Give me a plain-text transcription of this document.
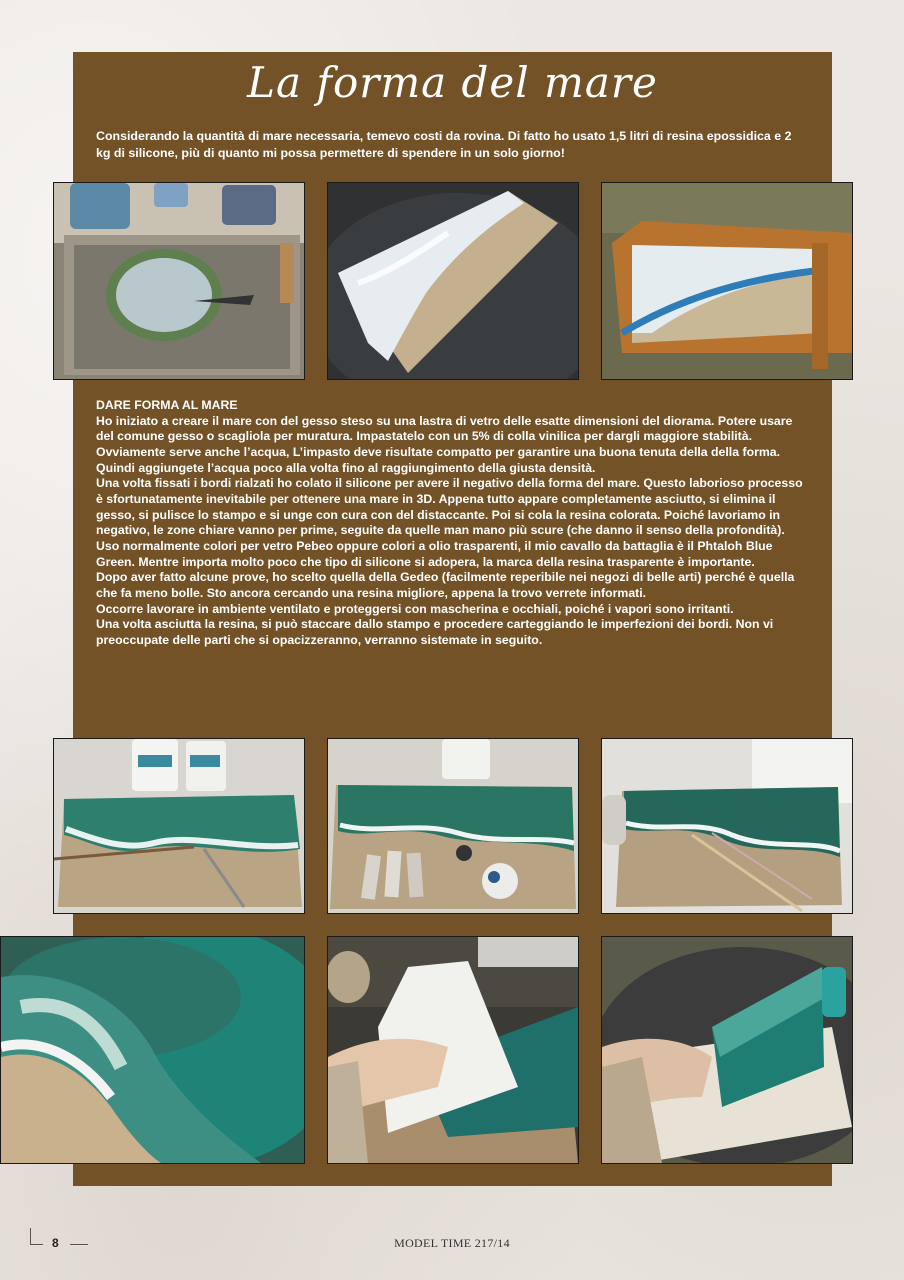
La forma del mare
Considerando la quantità di mare necessaria, temevo costi da rovina. Di fatto ho usato 1,5 litri di resina epossidica e 2 kg di silicone, più di quanto mi possa permettere di spendere in un solo giorno!

DARE FORMA AL MARE

Ho iniziato a creare il mare con del gesso steso su una lastra di vetro delle esatte dimensioni del diorama. Potere usare del comune gesso o scagliola per muratura. Impastatelo con un 5% di colla vinilica per dargli maggiore stabilità. Ovviamente serve anche l’acqua, L’impasto deve risultate compatto per garantire una buona tenuta della della forma. Quindi aggiungete l’acqua poco alla volta fino al raggiungimento della giusta densità.

Una volta fissati i bordi rialzati ho colato il silicone per avere il negativo della forma del mare. Questo laborioso processo è sfortunatamente inevitabile per ottenere una mare in 3D. Appena tutto appare completamente asciutto, si elimina il gesso, si pulisce lo stampo e si unge con cura con del distaccante. Poi si cola la resina colorata. Poiché lavoriamo in negativo, le zone chiare vanno per prime, seguite da quelle man mano più scure (che danno il senso della profondità).

Uso normalmente colori per vetro Pebeo oppure colori a olio trasparenti, il mio cavallo da battaglia è il Phtaloh Blue Green. Mentre importa molto poco che tipo di silicone si adopera, la marca della resina trasparente è importante.

Dopo aver fatto alcune prove, ho scelto quella della Gedeo (facilmente reperibile nei negozi di belle arti) perché è quella che fa meno bolle. Sto ancora cercando una resina migliore, appena la trovo verrete informati.

Occorre lavorare in ambiente ventilato e proteggersi con mascherina e occhiali, poiché i vapori sono irritanti.

Una volta asciutta la resina, si può staccare dallo stampo e procedere carteggiando le imperfezioni dei bordi. Non vi preoccupate delle parti che si opacizzeranno, verranno sistemate in seguito.

8	MODEL TIME 217/14
